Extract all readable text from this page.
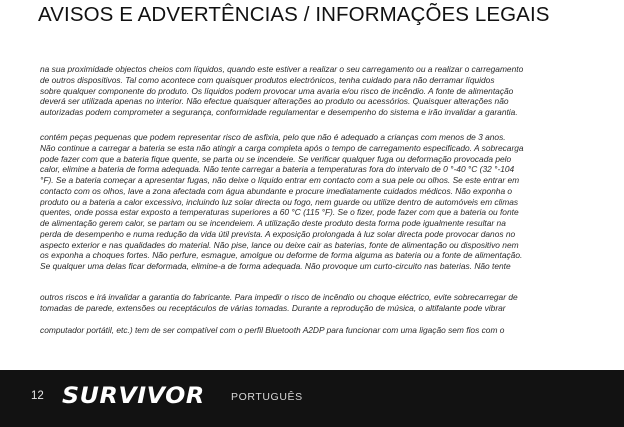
AVISOS E ADVERTÊNCIAS / INFORMAÇÕES LEGAIS
na sua proximidade objectos cheios com líquidos, quando este estiver a realizar o seu carregamento ou a realizar o carregamento
de outros dispositivos. Tal como acontece com quaisquer produtos electrónicos, tenha cuidado para não derramar líquidos
sobre qualquer componente do produto. Os líquidos podem provocar uma avaria e/ou risco de incêndio. A fonte de alimentação
deverá ser utilizada apenas no interior. Não efectue quaisquer alterações ao produto ou acessórios. Quaisquer alterações não
autorizadas podem comprometer a segurança, conformidade regulamentar e desempenho do sistema e irão invalidar a garantia.
contém peças pequenas que podem representar risco de asfixia, pelo que não é adequado a crianças com menos de 3 anos.
Não continue a carregar a bateria se esta não atingir a carga completa após o tempo de carregamento especificado. A sobrecarga
pode fazer com que a bateria fique quente, se parta ou se incendeie. Se verificar qualquer fuga ou deformação provocada pelo
calor, elimine a bateria de forma adequada. Não tente carregar a bateria a temperaturas fora do intervalo de 0 °-40 °C (32 °-104
°F). Se a bateria começar a apresentar fugas, não deixe o líquido entrar em contacto com a sua pele ou olhos. Se este entrar em
contacto com os olhos, lave a zona afectada com água abundante e procure imediatamente cuidados médicos. Não exponha o
produto ou a bateria a calor excessivo, incluindo luz solar directa ou fogo, nem guarde ou utilize dentro de automóveis em climas
quentes, onde possa estar exposto a temperaturas superiores a 60 °C (115 °F). Se o fizer, pode fazer com que a bateria ou fonte
de alimentação gerem calor, se partam ou se incendeiem. A utilização deste produto desta forma pode igualmente resultar na
perda de desempenho e numa redução da vida útil prevista. A exposição prolongada à luz solar directa pode provocar danos no
aspecto exterior e nas qualidades do material. Não pise, lance ou deixe cair as baterias, fonte de alimentação ou dispositivo nem
os exponha a choques fortes. Não perfure, esmague, amolgue ou deforme de forma alguma as bateria ou a fonte de alimentação.
Se qualquer uma delas ficar deformada, elimine-a de forma adequada. Não provoque um curto-circuito nas baterias. Não tente
outros riscos e irá invalidar a garantia do fabricante. Para impedir o risco de incêndio ou choque eléctrico, evite sobrecarregar de
tomadas de parede, extensões ou receptáculos de várias tomadas. Durante a reprodução de música, o altifalante pode vibrar
computador portátil, etc.) tem de ser compatível com o perfil Bluetooth A2DP para funcionar com uma ligação sem fios com o
12 SURVIVOR	PORTUGUÊS
